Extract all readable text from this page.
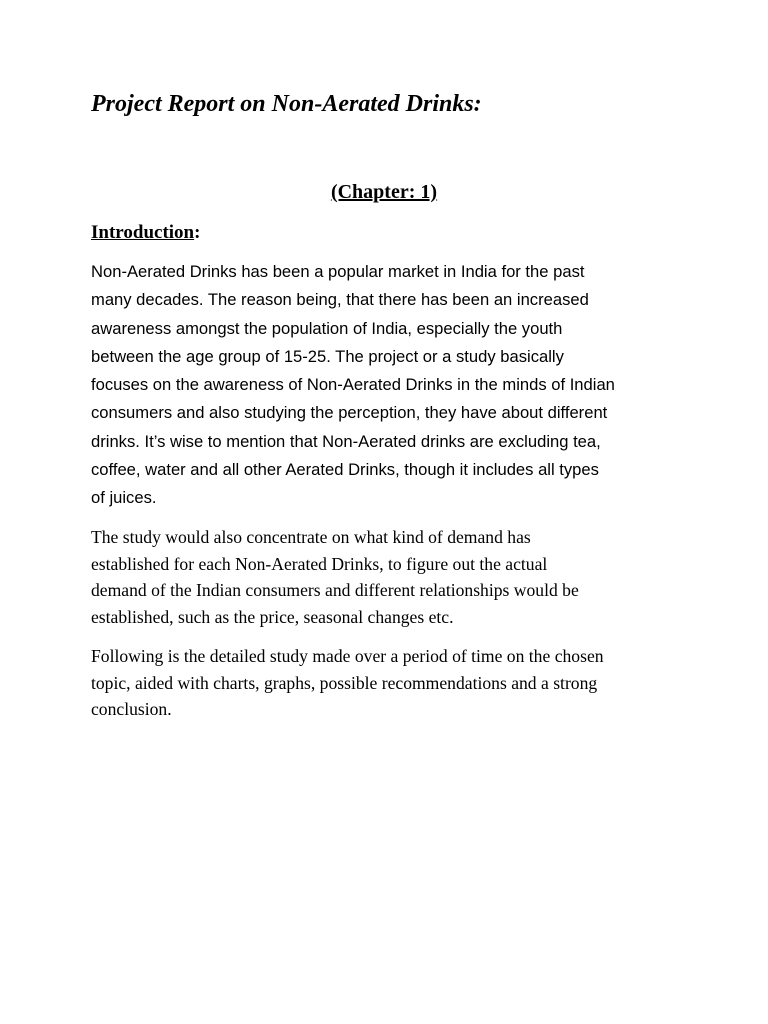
Project Report on Non-Aerated Drinks:
(Chapter: 1)
Introduction:

Non-Aerated Drinks has been a popular market in India for the past
many decades. The reason being, that there has been an increased
awareness amongst the population of India, especially the youth
between the age group of 15-25. The project or a study basically
focuses on the awareness of Non-Aerated Drinks in the minds of Indian
consumers and also studying the perception, they have about different
drinks. It’s wise to mention that Non-Aerated drinks are excluding tea,
coffee, water and all other Aerated Drinks, though it includes all types
of juices.

The study would also concentrate on what kind of demand has
established for each Non-Aerated Drinks, to figure out the actual
demand of the Indian consumers and different relationships would be
established, such as the price, seasonal changes etc.

Following is the detailed study made over a period of time on the chosen
topic, aided with charts, graphs, possible recommendations and a strong
conclusion.
